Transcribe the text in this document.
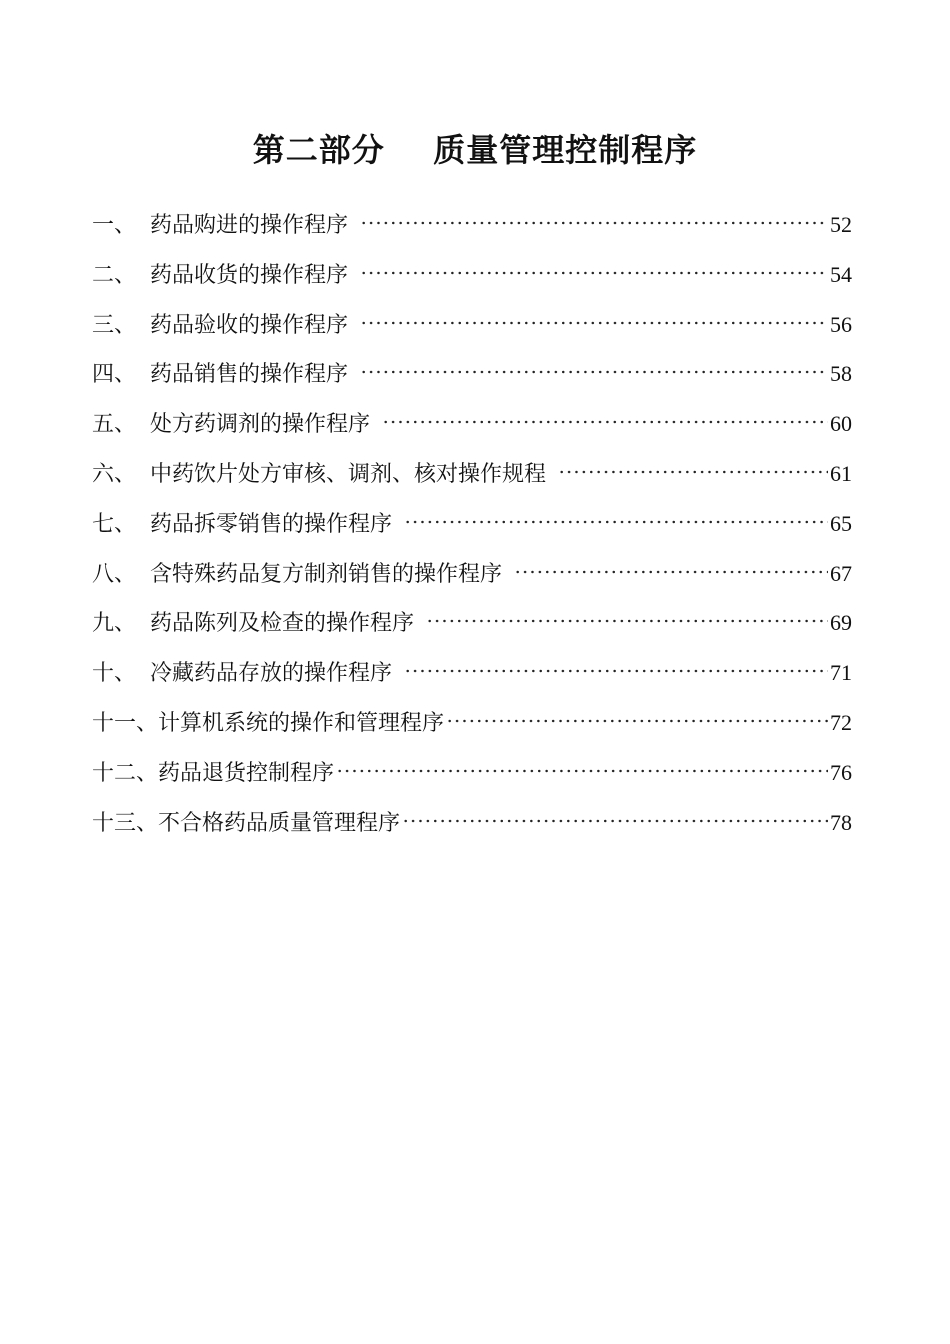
第二部分    质量管理控制程序
一、 药品购进的操作程序	52
二、 药品收货的操作程序	54
三、 药品验收的操作程序	56
四、 药品销售的操作程序	58
五、 处方药调剂的操作程序	60
六、 中药饮片处方审核、调剂、核对操作规程	61
七、 药品拆零销售的操作程序	65
八、 含特殊药品复方制剂销售的操作程序	67
九、 药品陈列及检查的操作程序	69
十、 冷藏药品存放的操作程序	71
十一、 计算机系统的操作和管理程序	72
十二、 药品退货控制程序	76
十三、 不合格药品质量管理程序	78
